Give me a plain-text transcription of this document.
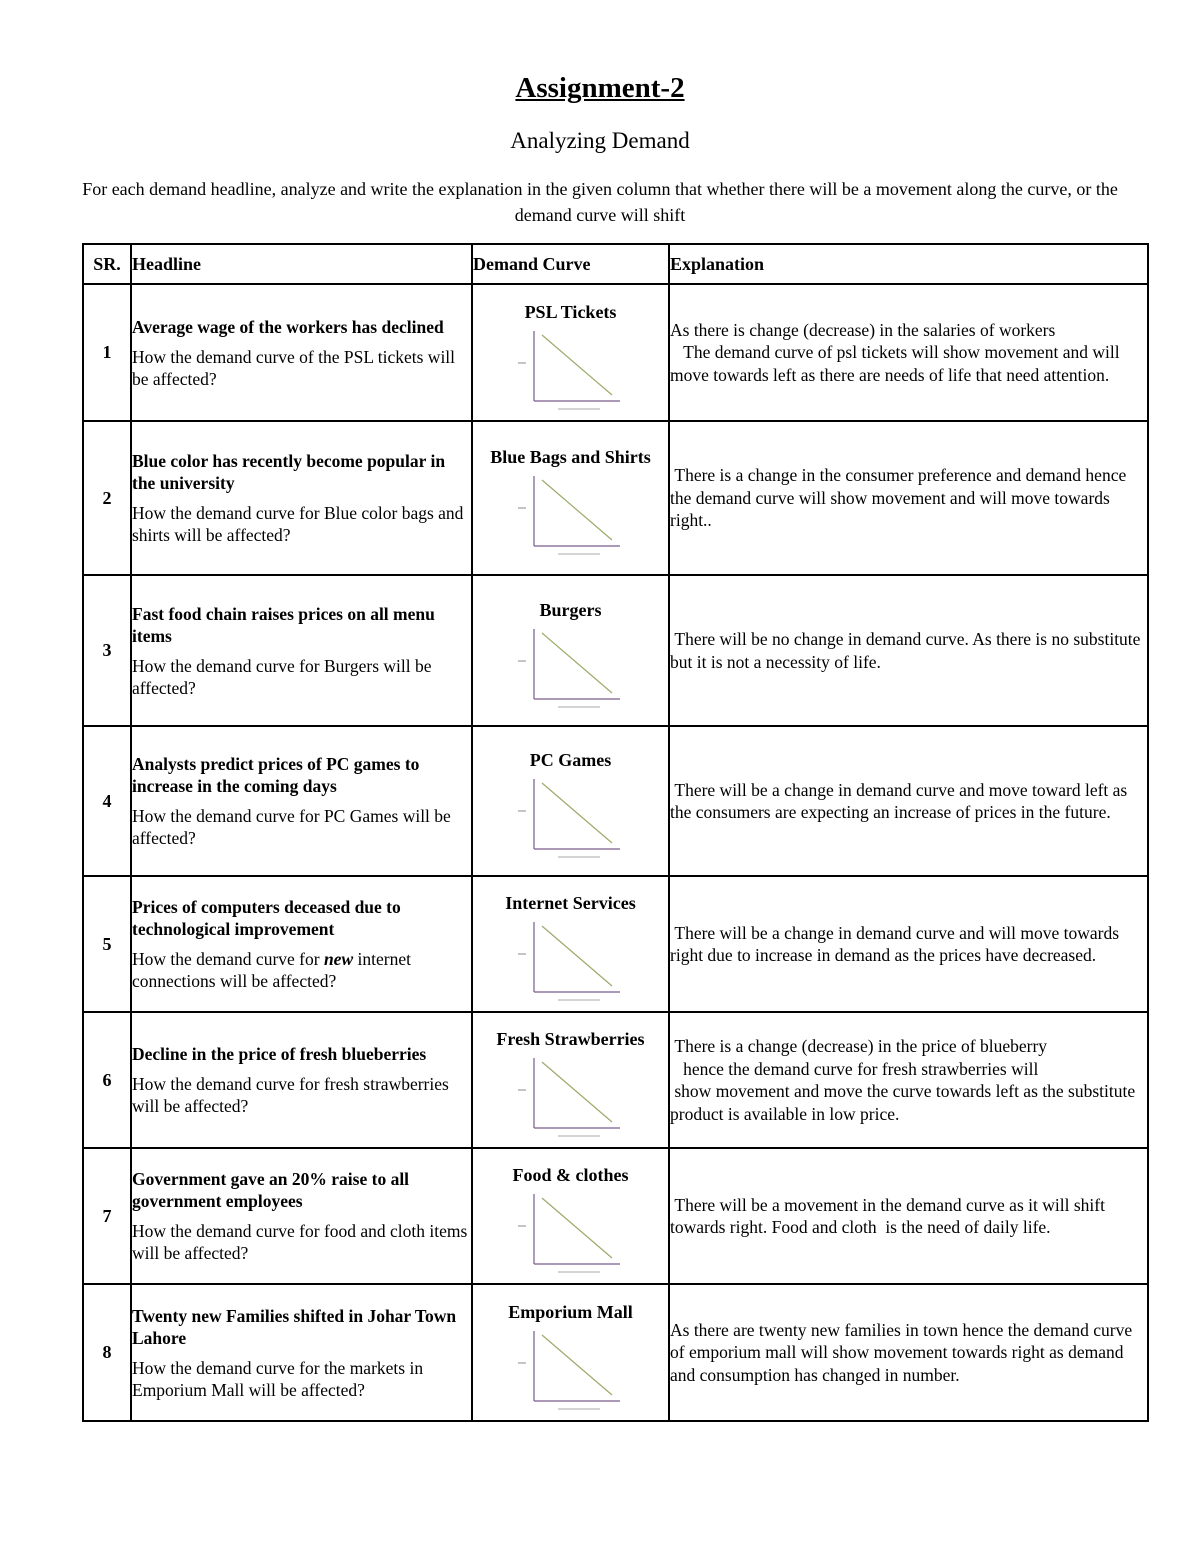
Assignment-2
Analyzing Demand
For each demand headline, analyze and write the explanation in the given column that whether there will be a movement along the curve, or the demand curve will shift
SR.	Headline	Demand Curve	Explanation
1	Average wage of the workers has declined
How the demand curve of the PSL tickets will be affected?	PSL Tickets	As there is change (decrease) in the salaries of workers
The demand curve of psl tickets will show movement and will move towards left as there are needs of life that need attention.

2	Blue color has recently become popular in the university
How the demand curve for Blue color bags and shirts will be affected?	Blue Bags and Shirts	There is a change in the consumer preference and demand hence the demand curve will show movement and will move towards right..

3	Fast food chain raises prices on all menu items
How the demand curve for Burgers will be affected?	Burgers	There will be no change in demand curve. As there is no substitute but it is not a necessity of life.

4	Analysts predict prices of PC games to increase in the coming days
How the demand curve for PC Games will be affected?	PC Games	There will be a change in demand curve and move toward left as the consumers are expecting an increase of prices in the future.

5	Prices of computers deceased due to technological improvement
How the demand curve for new internet connections will be affected?	Internet Services	There will be a change in demand curve and will move towards right due to increase in demand as the prices have decreased.

6	Decline in the price of fresh blueberries
How the demand curve for fresh strawberries will be affected?	Fresh Strawberries	There is a change (decrease) in the price of blueberry
hence the demand curve for fresh strawberries will
show movement and move the curve towards left as the substitute product is available in low price.

7	Government gave an 20% raise to all government employees
How the demand curve for food and cloth items will be affected?	Food & clothes	There will be a movement in the demand curve as it will shift towards right. Food and cloth  is the need of daily life.

8	Twenty new Families shifted in Johar Town Lahore
How the demand curve for the markets in Emporium Mall will be affected?	Emporium Mall	As there are twenty new families in town hence the demand curve of emporium mall will show movement towards right as demand and consumption has changed in number.
